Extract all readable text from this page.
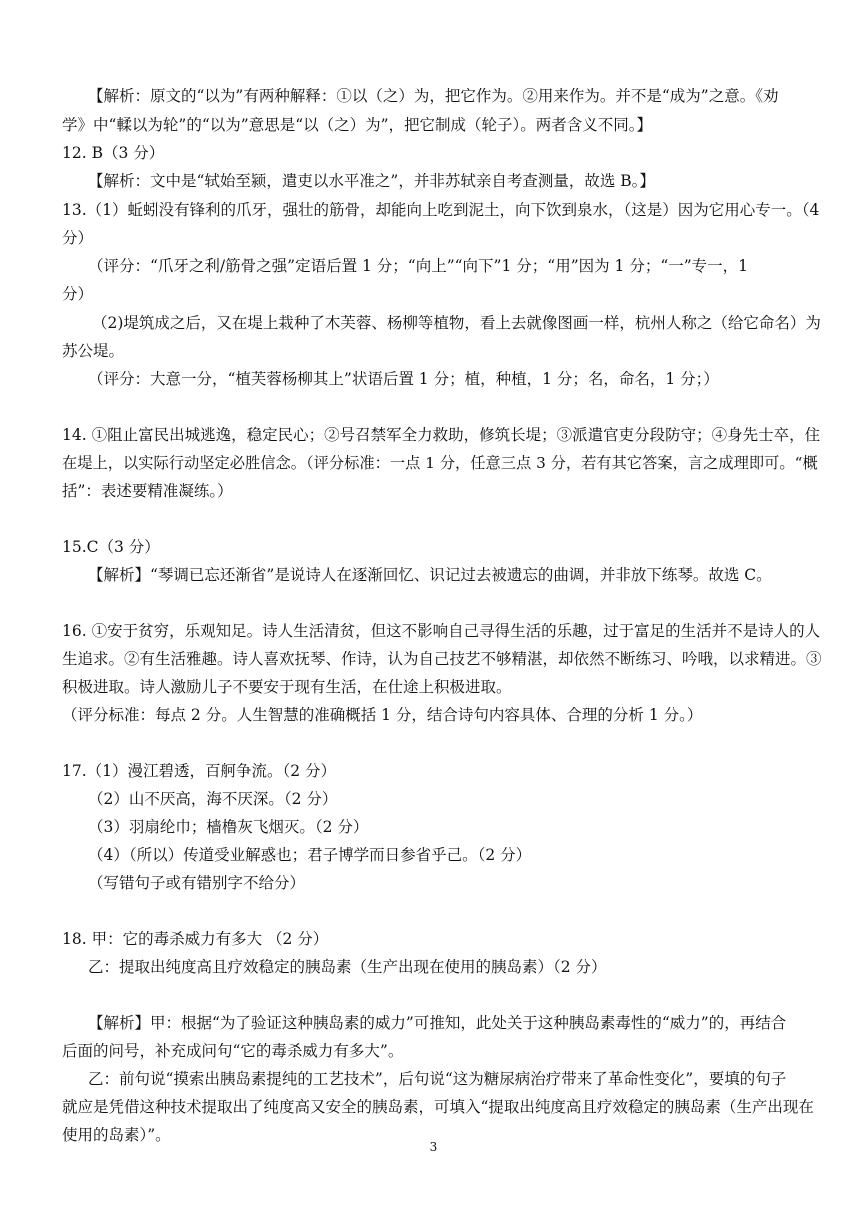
【解析：原文的“以为”有两种解释：①以（之）为，把它作为。②用来作为。并不是“成为”之意。《劝
学》中“輮以为轮”的“以为”意思是“以（之）为”，把它制成（轮子）。两者含义不同。】
12. B（3 分）
【解析：文中是“轼始至颍，遣吏以水平准之”，并非苏轼亲自考查测量，故选 B。】
13.（1）蚯蚓没有锋利的爪牙，强壮的筋骨，却能向上吃到泥土，向下饮到泉水，（这是）因为它用心专一。（4
分）
（评分：“爪牙之利/筋骨之强”定语后置 1 分；“向上”“向下”1 分；“用”因为 1 分；“一”专一，1
分）
（2)堤筑成之后，又在堤上栽种了木芙蓉、杨柳等植物，看上去就像图画一样，杭州人称之（给它命名）为
苏公堤。
（评分：大意一分，“植芙蓉杨柳其上”状语后置 1 分；植，种植，1 分；名，命名，1 分；）
14. ①阻止富民出城逃逸，稳定民心；②号召禁军全力救助，修筑长堤；③派遣官吏分段防守；④身先士卒，住
在堤上，以实际行动坚定必胜信念。（评分标准：一点 1 分，任意三点 3 分，若有其它答案，言之成理即可。“概
括”：表述要精准凝练。）
15.C（3 分）
【解析】“琴调已忘还渐省”是说诗人在逐渐回忆、识记过去被遗忘的曲调，并非放下练琴。故选 C。
16. ①安于贫穷，乐观知足。诗人生活清贫，但这不影响自己寻得生活的乐趣，过于富足的生活并不是诗人的人
生追求。②有生活雅趣。诗人喜欢抚琴、作诗，认为自己技艺不够精湛，却依然不断练习、吟哦，以求精进。③
积极进取。诗人激励儿子不要安于现有生活，在仕途上积极进取。
（评分标准：每点 2 分。人生智慧的准确概括 1 分，结合诗句内容具体、合理的分析 1 分。）
17.（1）漫江碧透，百舸争流。（2 分）
（2）山不厌高，海不厌深。（2 分）
（3）羽扇纶巾；樯橹灰飞烟灭。（2 分）
（4）（所以）传道受业解惑也；君子博学而日参省乎己。（2 分）
（写错句子或有错别字不给分）
18. 甲：它的毒杀威力有多大 （2 分）
乙：提取出纯度高且疗效稳定的胰岛素（生产出现在使用的胰岛素）（2 分）
【解析】甲：根据“为了验证这种胰岛素的威力”可推知，此处关于这种胰岛素毒性的“威力”的，再结合
后面的问号，补充成问句“它的毒杀威力有多大”。
乙：前句说“摸索出胰岛素提纯的工艺技术”，后句说“这为糖尿病治疗带来了革命性变化”，要填的句子
就应是凭借这种技术提取出了纯度高又安全的胰岛素，可填入“提取出纯度高且疗效稳定的胰岛素（生产出现在
使用的岛素）”。
3
